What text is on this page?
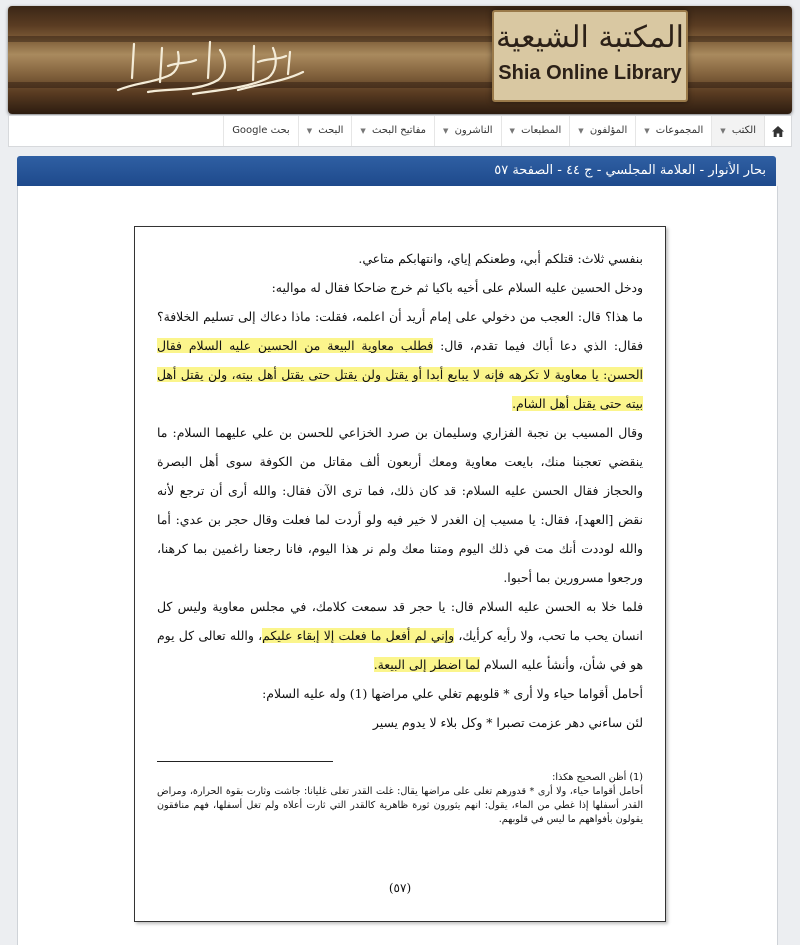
المكتبة الشيعية
Shia Online Library
الكتب ▼
المجموعات ▼
المؤلفون ▼
المطبعات ▼
الناشرون ▼
مفاتيح البحث ▼
البحث ▼
بحث Google
بحار الأنوار - العلامة المجلسي - ج ٤٤ - الصفحة ٥٧

بنفسي ثلاث: قتلكم أبي، وطعنكم إياي، وانتهابكم متاعي.

ودخل الحسين عليه السلام على أخيه باكيا ثم خرج ضاحكا فقال له مواليه:

ما هذا؟ قال: العجب من دخولي على إمام أريد أن اعلمه، فقلت: ماذا دعاك إلى تسليم الخلافة؟ فقال: الذي دعا أباك فيما تقدم، قال: فطلب معاوية البيعة من الحسين عليه السلام فقال الحسن: يا معاوية لا تكرهه فإنه لا يبايع أبدا أو يقتل ولن يقتل حتى يقتل أهل بيته، ولن يقتل أهل بيته حتى يقتل أهل الشام.

وقال المسيب بن نجبة الفزاري وسليمان بن صرد الخزاعي للحسن بن علي عليهما السلام: ما ينقضي تعجبنا منك، بايعت معاوية ومعك أربعون ألف مقاتل من الكوفة سوى أهل البصرة والحجاز فقال الحسن عليه السلام: قد كان ذلك، فما ترى الآن فقال: والله أرى أن ترجع لأنه نقض [العهد]، فقال: يا مسيب إن الغدر لا خير فيه ولو أردت لما فعلت وقال حجر بن عدي: أما والله لوددت أنك مت في ذلك اليوم ومتنا معك ولم نر هذا اليوم، فانا رجعنا راغمين بما كرهنا، ورجعوا مسرورين بما أحبوا.

فلما خلا به الحسن عليه السلام قال: يا حجر قد سمعت كلامك، في مجلس معاوية وليس كل انسان يحب ما تحب، ولا رأيه كرأيك، وإني لم أفعل ما فعلت إلا إبقاء عليكم، والله تعالى كل يوم هو في شأن، وأنشأ عليه السلام لما اضطر إلى البيعة.

أحامل أقواما حياء ولا أرى * قلوبهم تغلي علي مراضها (1) وله عليه السلام:

لئن ساءني دهر عزمت تصبرا * وكل بلاء لا يدوم يسير

(1) أظن الصحيح هكذا:

أحامل أقواما حياء، ولا أرى * قدورهم تغلى على مراضها يقال: غلت القدر تغلى غليانا: جاشت وثارت بقوة الحرارة، ومراض القدر أسفلها إذا غطي من الماء، يقول: انهم يثورون ثورة ظاهرية كالقدر التي ثارت أعلاه ولم تغل أسفلها، فهم منافقون يقولون بأفواههم ما ليس في قلوبهم.

(٥٧)
